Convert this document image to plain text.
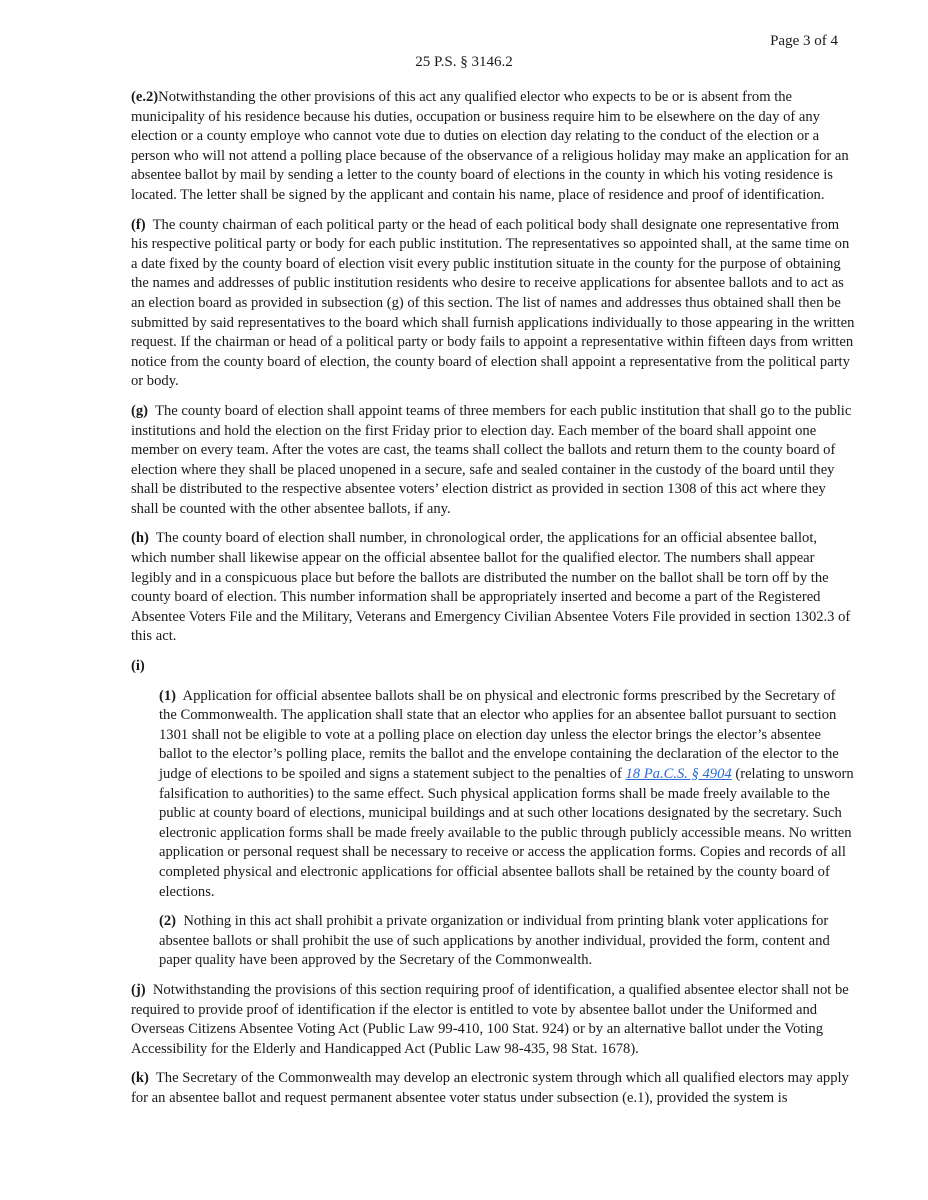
Page 3 of 4
25 P.S. § 3146.2

(e.2)Notwithstanding the other provisions of this act any qualified elector who expects to be or is absent from the municipality of his residence because his duties, occupation or business require him to be elsewhere on the day of any election or a county employe who cannot vote due to duties on election day relating to the conduct of the election or a person who will not attend a polling place because of the observance of a religious holiday may make an application for an absentee ballot by mail by sending a letter to the county board of elections in the county in which his voting residence is located. The letter shall be signed by the applicant and contain his name, place of residence and proof of identification.

(f) The county chairman of each political party or the head of each political body shall designate one representative from his respective political party or body for each public institution. The representatives so appointed shall, at the same time on a date fixed by the county board of election visit every public institution situate in the county for the purpose of obtaining the names and addresses of public institution residents who desire to receive applications for absentee ballots and to act as an election board as provided in subsection (g) of this section. The list of names and addresses thus obtained shall then be submitted by said representatives to the board which shall furnish applications individually to those appearing in the written request. If the chairman or head of a political party or body fails to appoint a representative within fifteen days from written notice from the county board of election, the county board of election shall appoint a representative from the political party or body.

(g) The county board of election shall appoint teams of three members for each public institution that shall go to the public institutions and hold the election on the first Friday prior to election day. Each member of the board shall appoint one member on every team. After the votes are cast, the teams shall collect the ballots and return them to the county board of election where they shall be placed unopened in a secure, safe and sealed container in the custody of the board until they shall be distributed to the respective absentee voters’ election district as provided in section 1308 of this act where they shall be counted with the other absentee ballots, if any.

(h) The county board of election shall number, in chronological order, the applications for an official absentee ballot, which number shall likewise appear on the official absentee ballot for the qualified elector. The numbers shall appear legibly and in a conspicuous place but before the ballots are distributed the number on the ballot shall be torn off by the county board of election. This number information shall be appropriately inserted and become a part of the Registered Absentee Voters File and the Military, Veterans and Emergency Civilian Absentee Voters File provided in section 1302.3 of this act.

(i)

(1) Application for official absentee ballots shall be on physical and electronic forms prescribed by the Secretary of the Commonwealth. The application shall state that an elector who applies for an absentee ballot pursuant to section 1301 shall not be eligible to vote at a polling place on election day unless the elector brings the elector’s absentee ballot to the elector’s polling place, remits the ballot and the envelope containing the declaration of the elector to the judge of elections to be spoiled and signs a statement subject to the penalties of 18 Pa.C.S. § 4904 (relating to unsworn falsification to authorities) to the same effect. Such physical application forms shall be made freely available to the public at county board of elections, municipal buildings and at such other locations designated by the secretary. Such electronic application forms shall be made freely available to the public through publicly accessible means. No written application or personal request shall be necessary to receive or access the application forms. Copies and records of all completed physical and electronic applications for official absentee ballots shall be retained by the county board of elections.

(2) Nothing in this act shall prohibit a private organization or individual from printing blank voter applications for absentee ballots or shall prohibit the use of such applications by another individual, provided the form, content and paper quality have been approved by the Secretary of the Commonwealth.

(j) Notwithstanding the provisions of this section requiring proof of identification, a qualified absentee elector shall not be required to provide proof of identification if the elector is entitled to vote by absentee ballot under the Uniformed and Overseas Citizens Absentee Voting Act (Public Law 99-410, 100 Stat. 924) or by an alternative ballot under the Voting Accessibility for the Elderly and Handicapped Act (Public Law 98-435, 98 Stat. 1678).

(k) The Secretary of the Commonwealth may develop an electronic system through which all qualified electors may apply for an absentee ballot and request permanent absentee voter status under subsection (e.1), provided the system is
